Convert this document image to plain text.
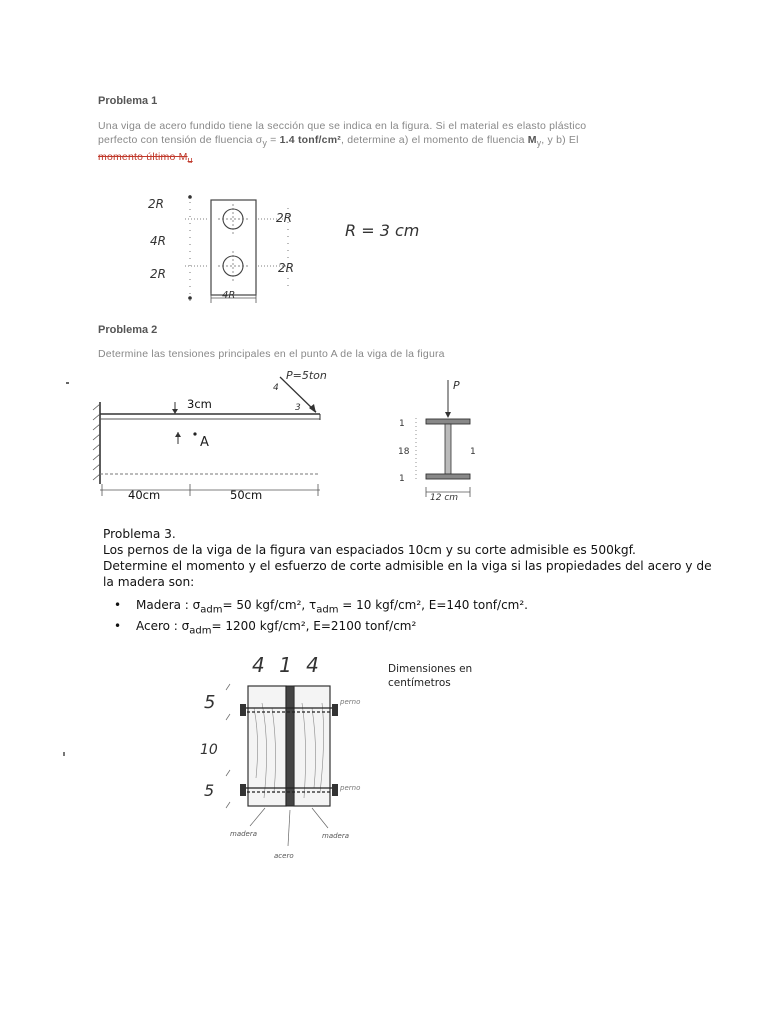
Problema 1
Una viga de acero fundido tiene la sección que se indica en la figura. Si el material es elasto plástico
perfecto con tensión de fluencia $\sigma_y = 1.4$ tonf/cm², determine a) el momento de fluencia $M_y$, y b) El
momento último $M_u$
2R
4R
2R
2R
2R
4R
R = 3 cm
Problema 2
Determine las tensiones principales en el punto A de la viga de la figura
3cm
A
P=5ton
4
3
40cm	50cm
P
1
18
1
1
12 cm
Problema 3.
Los pernos de la viga de la figura van espaciados 10cm y su corte admisible es 500kgf.
Determine el momento y el esfuerzo de corte admisible en la viga si las propiedades del acero y de
la madera son:
• Madera : $\sigma_{adm}= 50$ kgf/cm², $\tau_{adm} = 10$ kgf/cm², E=140 tonf/cm².
• Acero : $\sigma_{adm}= 1200$ kgf/cm², E=2100 tonf/cm²
4 1 4
5
10
5
perno
perno
madera	madera
acero
Dimensiones en
centímetros
